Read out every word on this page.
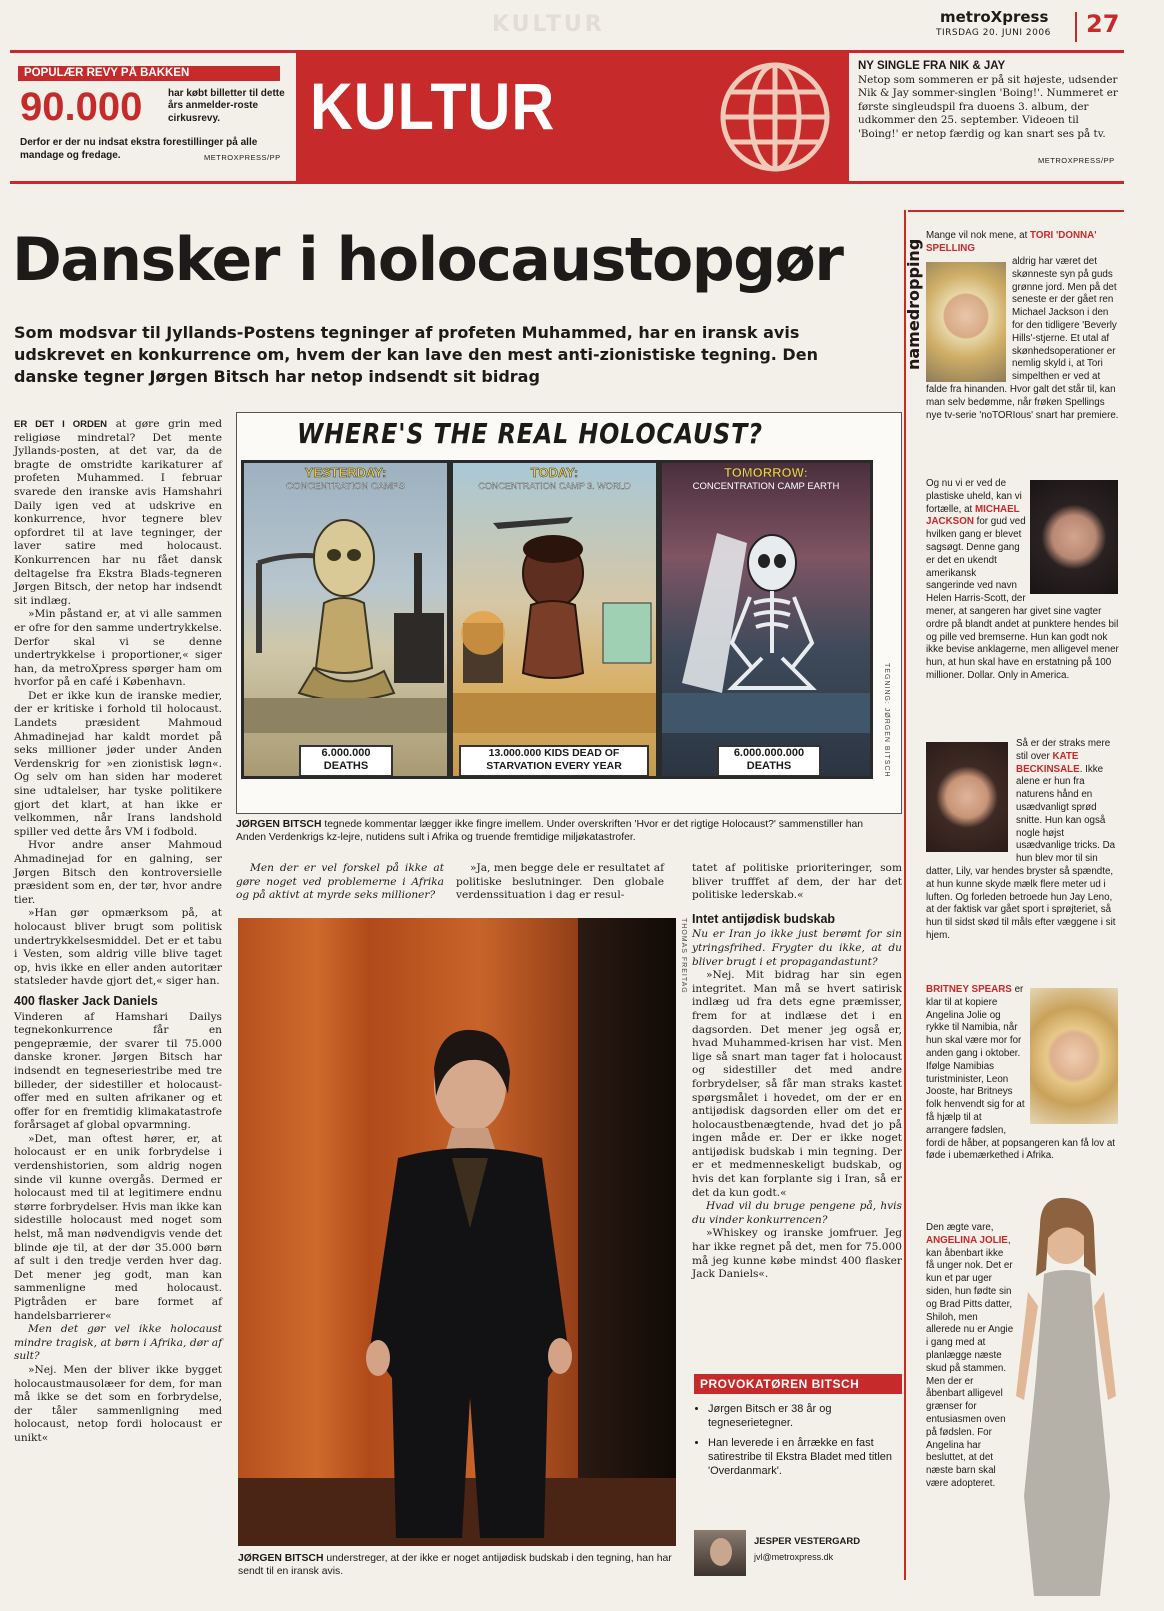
KULTUR	metroXpress
TIRSDAG 20. JUNI 2006 27
POPULÆR REVY PÅ BAKKEN
90.000	har købt billetter til dette års anmelder-roste cirkusrevy.
Derfor er der nu indsat ekstra forestillinger på alle mandage og fredage.	METROXPRESS/PP
KULTUR
NY SINGLE FRA NIK & JAY
Netop som sommeren er på sit højeste, udsender Nik & Jay sommer-singlen 'Boing!'. Nummeret er første singleudspil fra duoens 3. album, der udkommer den 25. september. Videoen til 'Boing!' er netop færdig og kan snart ses på tv.
METROXPRESS/PP
Dansker i holocaustopgør
Som modsvar til Jyllands-Postens tegninger af profeten Muhammed, har en iransk avis udskrevet en konkurrence om, hvem der kan lave den mest anti-zionistiske tegning. Den danske tegner Jørgen Bitsch har netop indsendt sit bidrag

ER DET I ORDEN at gøre grin med religiøse mindretal? Det mente Jyllands-posten, at det var, da de bragte de omstridte karikaturer af profeten Muhammed. I februar svarede den iranske avis Hamshahri Daily igen ved at udskrive en konkurrence, hvor tegnere blev opfordret til at lave tegninger, der laver satire med holocaust. Konkurrencen har nu fået dansk deltagelse fra Ekstra Blads-tegneren Jørgen Bitsch, der netop har indsendt sit indlæg.

»Min påstand er, at vi alle sammen er ofre for den samme undertrykkelse. Derfor skal vi se denne undertrykkelse i proportioner,« siger han, da metroXpress spørger ham om hvorfor på en café i København.

Det er ikke kun de iranske medier, der er kritiske i forhold til holocaust. Landets præsident Mahmoud Ahmadinejad har kaldt mordet på seks millioner jøder under Anden Verdenskrig for »en zionistisk løgn«. Og selv om han siden har moderet sine udtalelser, har tyske politikere gjort det klart, at han ikke er velkommen, når Irans landshold spiller ved dette års VM i fodbold.

Hvor andre anser Mahmoud Ahmadinejad for en galning, ser Jørgen Bitsch den kontroversielle præsident som en, der tør, hvor andre tier.

»Han gør opmærksom på, at holocaust bliver brugt som politisk undertrykkelsesmiddel. Det er et tabu i Vesten, som aldrig ville blive taget op, hvis ikke en eller anden autoritær statsleder havde gjort det,« siger han.

400 flasker Jack Daniels

Vinderen af Hamshari Dailys tegnekonkurrence får en pengepræmie, der svarer til 75.000 danske kroner. Jørgen Bitsch har indsendt en tegneseriestribe med tre billeder, der sidestiller et holocaust-offer med en sulten afrikaner og et offer for en fremtidig klimakatastrofe forårsaget af global opvarmning.

»Det, man oftest hører, er, at holocaust er en unik forbrydelse i verdenshistorien, som aldrig nogen sinde vil kunne overgås. Dermed er holocaust med til at legitimere endnu større forbrydelser. Hvis man ikke kan sidestille holocaust med noget som helst, må man nødvendigvis vende det blinde øje til, at der dør 35.000 børn af sult i den tredje verden hver dag. Det mener jeg godt, man kan sammenligne med holocaust. Pigtråden er bare formet af handelsbarrierer«

Men det gør vel ikke holocaust mindre tragisk, at børn i Afrika, dør af sult?

»Nej. Men der bliver ikke bygget holocaustmausolæer for dem, for man må ikke se det som en forbrydelse, der tåler sammenligning med holocaust, netop fordi holocaust er unikt«

WHERE'S THE REAL HOLOCAUST?
YESTERDAY:
CONCENTRATION CAMPS
6.000.000
DEATHS
TODAY:
CONCENTRATION CAMP 3. WORLD
13.000.000 KIDS DEAD OF
STARVATION EVERY YEAR
TOMORROW:
CONCENTRATION CAMP EARTH
6.000.000.000
DEATHS	TEGNING: JØRGEN BITSCH
JØRGEN BITSCH tegnede kommentar lægger ikke fingre imellem. Under overskriften 'Hvor er det rigtige Holocaust?' sammenstiller han Anden Verdenkrigs kz-lejre, nutidens sult i Afrika og truende fremtidige miljøkatastrofer.

Men der er vel forskel på ikke at gøre noget ved problemerne i Afrika og på aktivt at myrde seks millioner?

»Ja, men begge dele er resultatet af politiske beslutninger. Den globale verdenssituation i dag er resul-

THOMAS FREITAG
JØRGEN BITSCH understreger, at der ikke er noget antijødisk budskab i den tegning, han har sendt til en iransk avis.

tatet af politiske prioriteringer, som bliver trufffet af dem, der har det politiske lederskab.«

Intet antijødisk budskab

Nu er Iran jo ikke just berømt for sin ytringsfrihed. Frygter du ikke, at du bliver brugt i et propagandastunt?

»Nej. Mit bidrag har sin egen integritet. Man må se hvert satirisk indlæg ud fra dets egne præmisser, frem for at indlæse det i en dagsorden. Det mener jeg også er, hvad Muhammed-krisen har vist. Men lige så snart man tager fat i holocaust og sidestiller det med andre forbrydelser, så får man straks kastet spørgsmålet i hovedet, om der er en antijødisk dagsorden eller om det er holocaustbenægtende, hvad det jo på ingen måde er. Der er ikke noget antijødisk budskab i min tegning. Der er et medmenneskeligt budskab, og hvis det kan forplante sig i Iran, så er det da kun godt.«

Hvad vil du bruge pengene på, hvis du vinder konkurrencen?

»Whiskey og iranske jomfruer. Jeg har ikke regnet på det, men for 75.000 må jeg kunne købe mindst 400 flasker Jack Daniels«.

PROVOKATØREN BITSCH
• Jørgen Bitsch er 38 år og tegneserietegner.
• Han leverede i en årrække en fast satirestribe til Ekstra Bladet med titlen 'Overdanmark'.
JESPER VESTERGARD
jvl@metroxpress.dk
namedropping
Mange vil nok mene, at TORI 'DONNA' SPELLING
aldrig har været det skønneste syn på guds grønne jord. Men på det seneste er der gået ren Michael Jackson i den for den tidligere 'Beverly Hills'-stjerne. Et utal af skønhedsoperationer er nemlig skyld i, at Tori simpelthen er ved at falde fra hinanden. Hvor galt det står til, kan man selv bedømme, når frøken Spellings nye tv-serie 'noTORIous' snart har premiere.
Og nu vi er ved de plastiske uheld, kan vi fortælle, at MICHAEL JACKSON for gud ved hvilken gang er blevet sagsøgt. Denne gang er det en ukendt amerikansk sangerinde ved navn Helen Harris-Scott, der mener, at sangeren har givet sine vagter ordre på blandt andet at punktere hendes bil og pille ved bremserne. Hun kan godt nok ikke bevise anklagerne, men alligevel mener hun, at hun skal have en erstatning på 100 millioner. Dollar. Only in America.
Så er der straks mere stil over KATE BECKINSALE. Ikke alene er hun fra naturens hånd en usædvanligt sprød snitte. Hun kan også nogle højst usædvanlige tricks. Da hun blev mor til sin datter, Lily, var hendes bryster så spændte, at hun kunne skyde mælk flere meter ud i luften. Og forleden betroede hun Jay Leno, at der faktisk var gået sport i sprøjteriet, så hun til sidst skød til måls efter væggene i sit hjem.
BRITNEY SPEARS er klar til at kopiere Angelina Jolie og rykke til Namibia, når hun skal være mor for anden gang i oktober. Ifølge Namibias turistminister, Leon Jooste, har Britneys folk henvendt sig for at få hjælp til at arrangere fødslen, fordi de håber, at popsangeren kan få lov at føde i ubemærkethed i Afrika.
Den ægte vare, ANGELINA JOLIE, kan åbenbart ikke få unger nok. Det er kun et par uger siden, hun fødte sin og Brad Pitts datter, Shiloh, men allerede nu er Angie i gang med at planlægge næste skud på stammen. Men der er åbenbart alligevel grænser for entusiasmen oven på fødslen. For Angelina har besluttet, at det næste barn skal være adopteret.
